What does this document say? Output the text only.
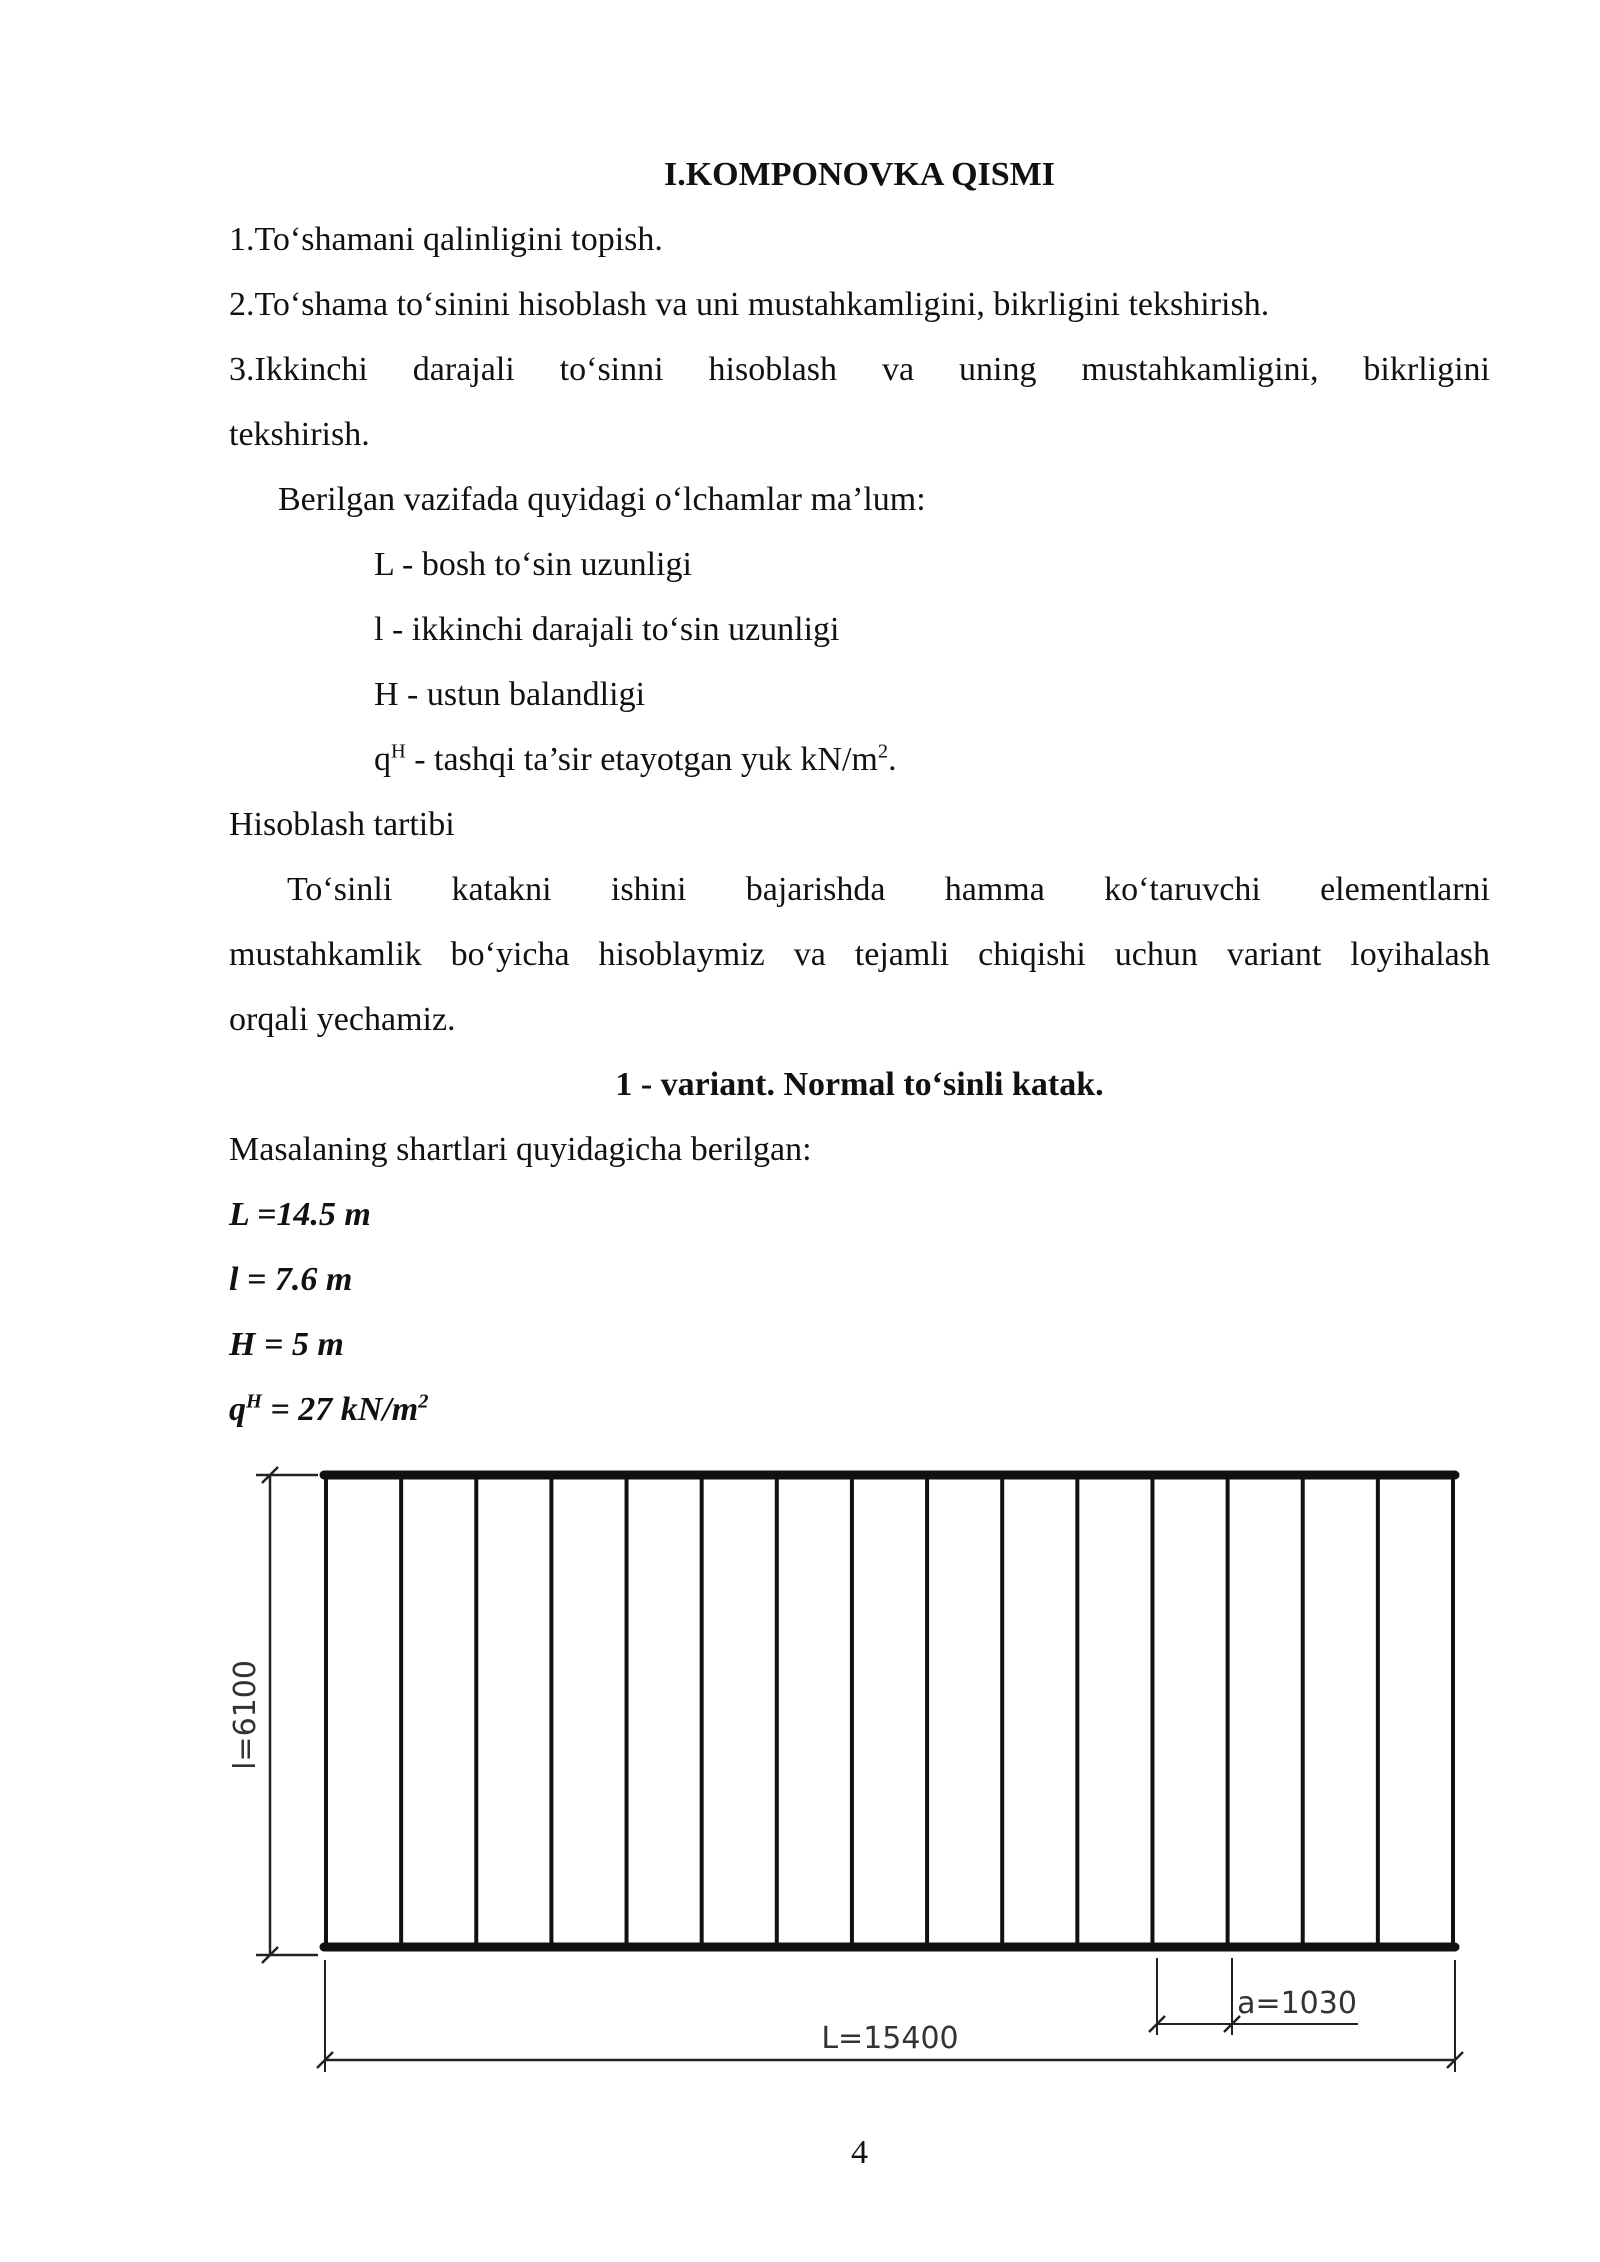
I.KOMPONOVKA QISMI
1.To‘shamani qalinligini topish.
2.To‘shama to‘sinini hisoblash va uni mustahkamligini, bikrligini tekshirish.
3.Ikkinchi darajali to‘sinni hisoblash va uning mustahkamligini, bikrligini
tekshirish.
Berilgan vazifada quyidagi o‘lchamlar ma’lum:
L - bosh to‘sin uzunligi
l - ikkinchi darajali to‘sin uzunligi
H - ustun balandligi
$q^H$ - tashqi ta’sir etayotgan yuk $kN/m^2$.
Hisoblash tartibi
To‘sinli katakni ishini bajarishda hamma ko‘taruvchi elementlarni
mustahkamlik bo‘yicha hisoblaymiz va tejamli chiqishi uchun variant loyihalash
orqali yechamiz.
1 - variant. Normal to‘sinli katak.
Masalaning shartlari quyidagicha berilgan:
L =14.5 m
l = 7.6 m
H = 5 m
$q^H = 27$ $kN/m^2$
l=6100
L=15400
a=1030
4
